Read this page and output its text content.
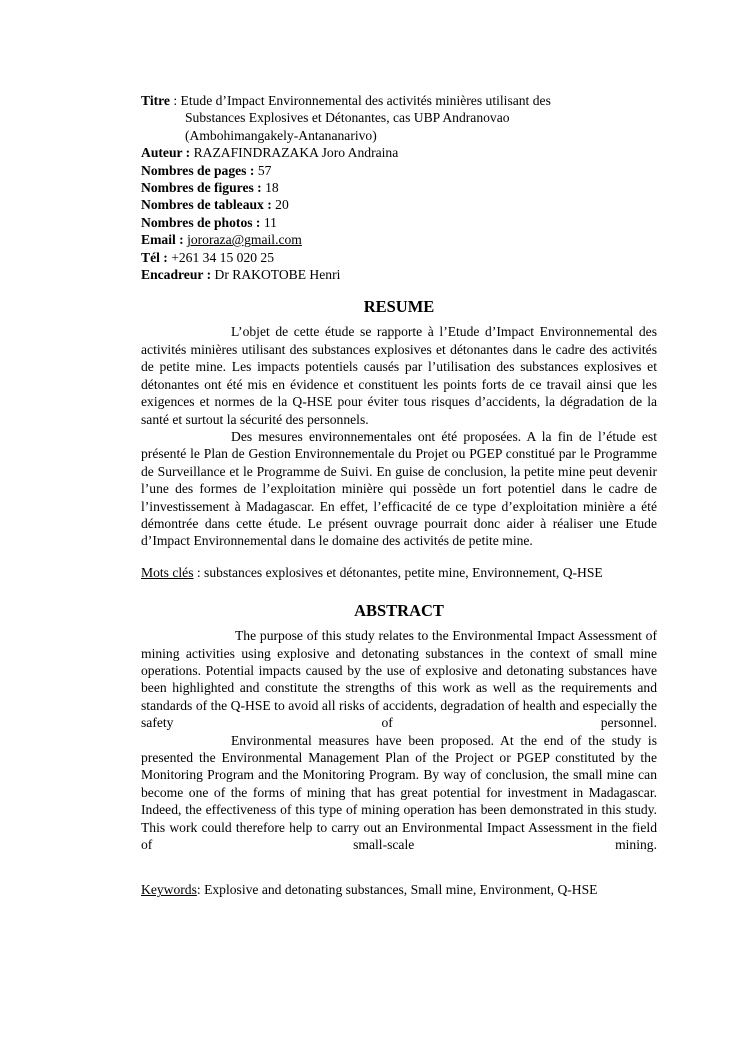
Titre : Etude d’Impact Environnemental des activités minières utilisant des
Substances Explosives et Détonantes, cas UBP Andranovao
(Ambohimangakely-Antananarivo)
Auteur : RAZAFINDRAZAKA Joro Andraina
Nombres de pages : 57
Nombres de figures : 18
Nombres de tableaux : 20
Nombres de photos : 11
Email : jororaza@gmail.com
Tél : +261 34 15 020 25
Encadreur : Dr RAKOTOBE Henri
RESUME

L’objet de cette étude se rapporte à l’Etude d’Impact Environnemental des activités minières utilisant des substances explosives et détonantes dans le cadre des activités de petite mine. Les impacts potentiels causés par l’utilisation des substances explosives et détonantes ont été mis en évidence et constituent les points forts de ce travail ainsi que les exigences et normes de la Q-HSE pour éviter tous risques d’accidents, la dégradation de la santé et surtout la sécurité des personnels.

Des mesures environnementales ont été proposées. A la fin de l’étude est présenté le Plan de Gestion Environnementale du Projet ou PGEP constitué par le Programme de Surveillance et le Programme de Suivi. En guise de conclusion, la petite mine peut devenir l’une des formes de l’exploitation minière qui possède un fort potentiel dans le cadre de l’investissement à Madagascar. En effet, l’efficacité de ce type d’exploitation minière a été démontrée dans cette étude. Le présent ouvrage pourrait donc aider à réaliser une Etude d’Impact Environnemental dans le domaine des activités de petite mine.

Mots clés : substances explosives et détonantes, petite mine, Environnement, Q-HSE

ABSTRACT

The purpose of this study relates to the Environmental Impact Assessment of mining activities using explosive and detonating substances in the context of small mine operations. Potential impacts caused by the use of explosive and detonating substances have been highlighted and constitute the strengths of this work as well as the requirements and standards of the Q-HSE to avoid all risks of accidents, degradation of health and especially the safety of personnel.

Environmental measures have been proposed. At the end of the study is presented the Environmental Management Plan of the Project or PGEP constituted by the Monitoring Program and the Monitoring Program. By way of conclusion, the small mine can become one of the forms of mining that has great potential for investment in Madagascar. Indeed, the effectiveness of this type of mining operation has been demonstrated in this study. This work could therefore help to carry out an Environmental Impact Assessment in the field of small-scale mining.

Keywords: Explosive and detonating substances, Small mine, Environment, Q-HSE
